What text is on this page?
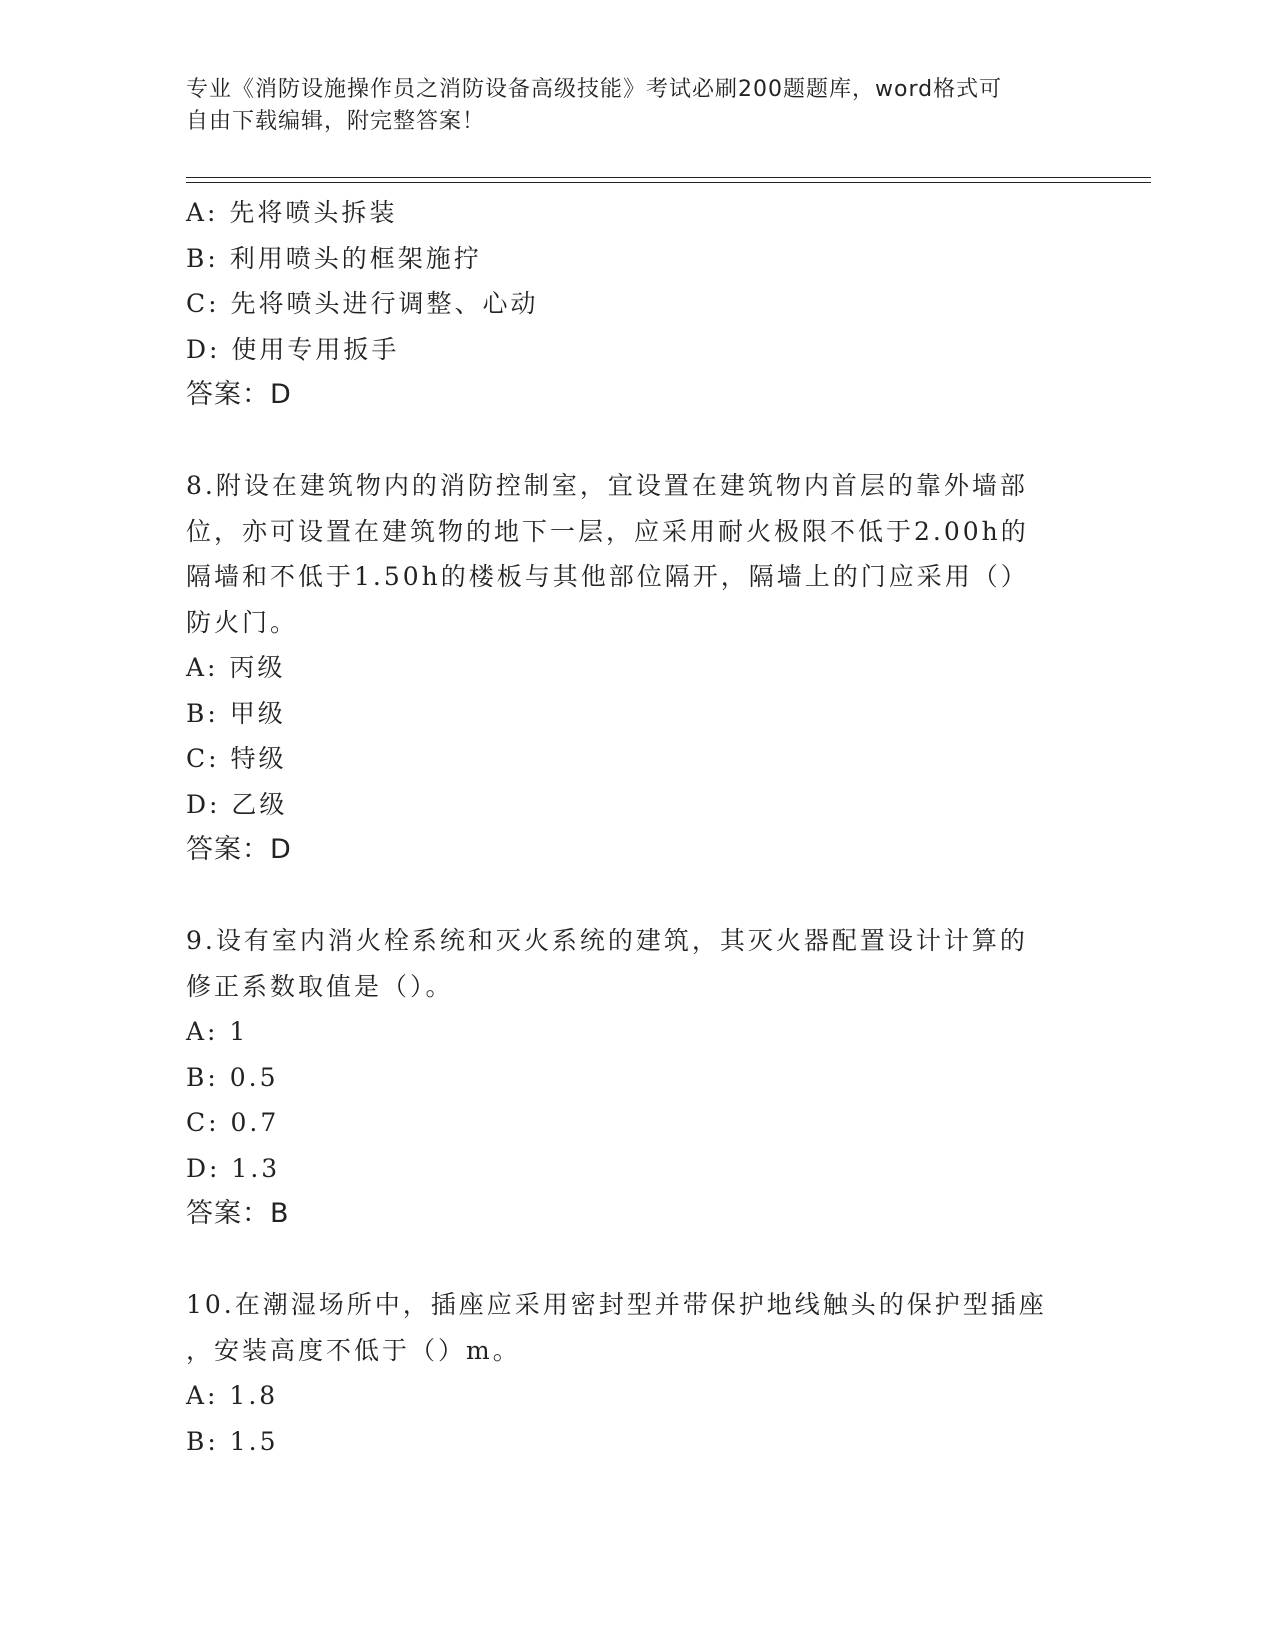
专业《消防设施操作员之消防设备高级技能》考试必刷200题题库，word格式可
自由下载编辑，附完整答案！
A: 先将喷头拆装
B: 利用喷头的框架施拧
C: 先将喷头进行调整、心动
D: 使用专用扳手
答案：D
8.附设在建筑物内的消防控制室，宜设置在建筑物内首层的靠外墙部
位，亦可设置在建筑物的地下一层，应采用耐火极限不低于2.00h的
隔墙和不低于1.50h的楼板与其他部位隔开，隔墙上的门应采用（）
防火门。
A: 丙级
B: 甲级
C: 特级
D: 乙级
答案：D
9.设有室内消火栓系统和灭火系统的建筑，其灭火器配置设计计算的
修正系数取值是（）。
A: 1
B: 0.5
C: 0.7
D: 1.3
答案：B
10.在潮湿场所中，插座应采用密封型并带保护地线触头的保护型插座
，安装高度不低于（）m。
A: 1.8
B: 1.5
